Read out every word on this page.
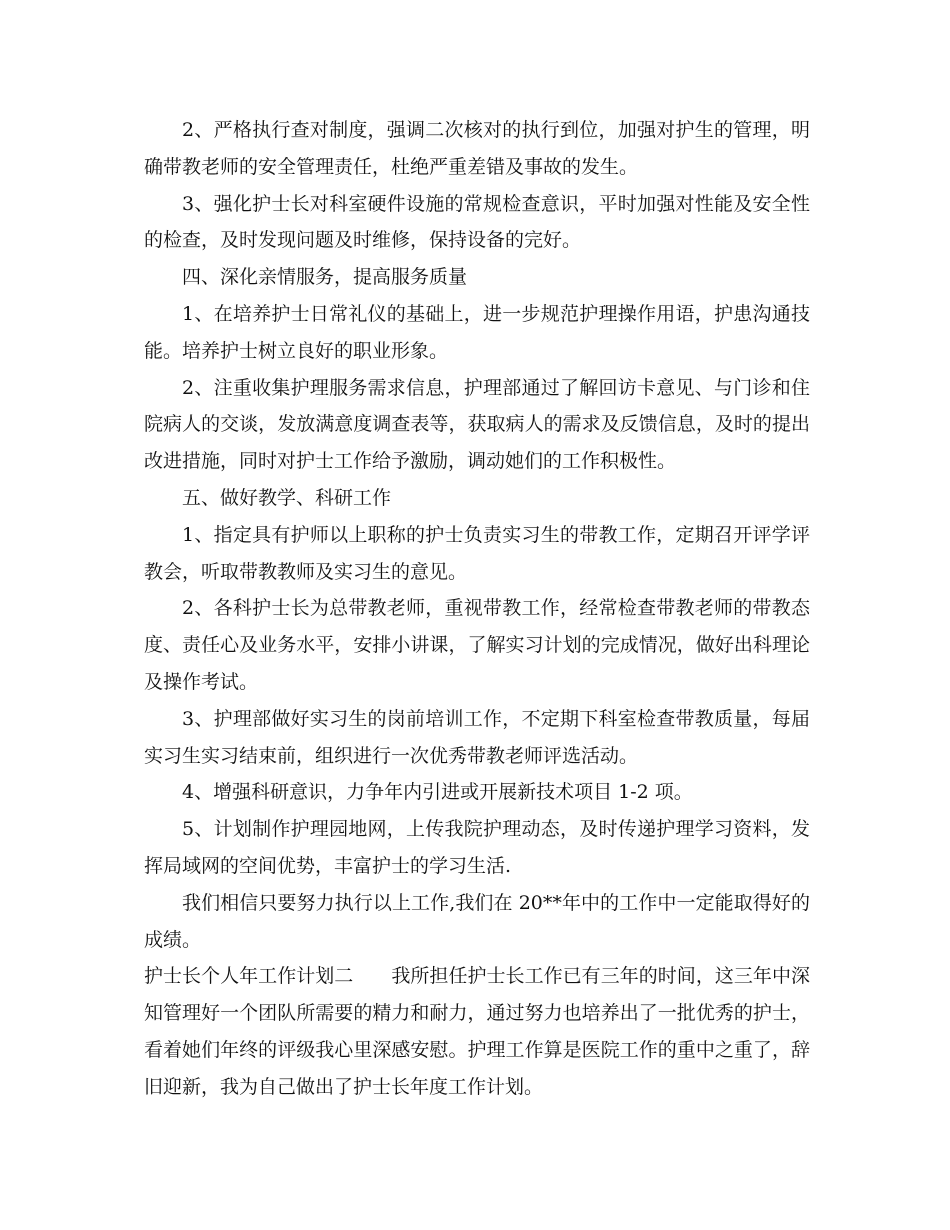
2、严格执行查对制度，强调二次核对的执行到位，加强对护生的管理，明确带教老师的安全管理责任，杜绝严重差错及事故的发生。

3、强化护士长对科室硬件设施的常规检查意识，平时加强对性能及安全性的检查，及时发现问题及时维修，保持设备的完好。

四、深化亲情服务，提高服务质量

1、在培养护士日常礼仪的基础上，进一步规范护理操作用语，护患沟通技能。培养护士树立良好的职业形象。

2、注重收集护理服务需求信息，护理部通过了解回访卡意见、与门诊和住院病人的交谈，发放满意度调查表等，获取病人的需求及反馈信息，及时的提出改进措施，同时对护士工作给予激励，调动她们的工作积极性。

五、做好教学、科研工作

1、指定具有护师以上职称的护士负责实习生的带教工作，定期召开评学评教会，听取带教教师及实习生的意见。

2、各科护士长为总带教老师，重视带教工作，经常检查带教老师的带教态度、责任心及业务水平，安排小讲课，了解实习计划的完成情况，做好出科理论及操作考试。

3、护理部做好实习生的岗前培训工作，不定期下科室检查带教质量，每届实习生实习结束前，组织进行一次优秀带教老师评选活动。

4、增强科研意识，力争年内引进或开展新技术项目 1-2 项。

5、计划制作护理园地网，上传我院护理动态，及时传递护理学习资料，发挥局域网的空间优势，丰富护士的学习生活.

我们相信只要努力执行以上工作,我们在 20**年中的工作中一定能取得好的成绩。

护士长个人年工作计划二　　我所担任护士长工作已有三年的时间，这三年中深知管理好一个团队所需要的精力和耐力，通过努力也培养出了一批优秀的护士，看着她们年终的评级我心里深感安慰。护理工作算是医院工作的重中之重了，辞旧迎新，我为自己做出了护士长年度工作计划。
